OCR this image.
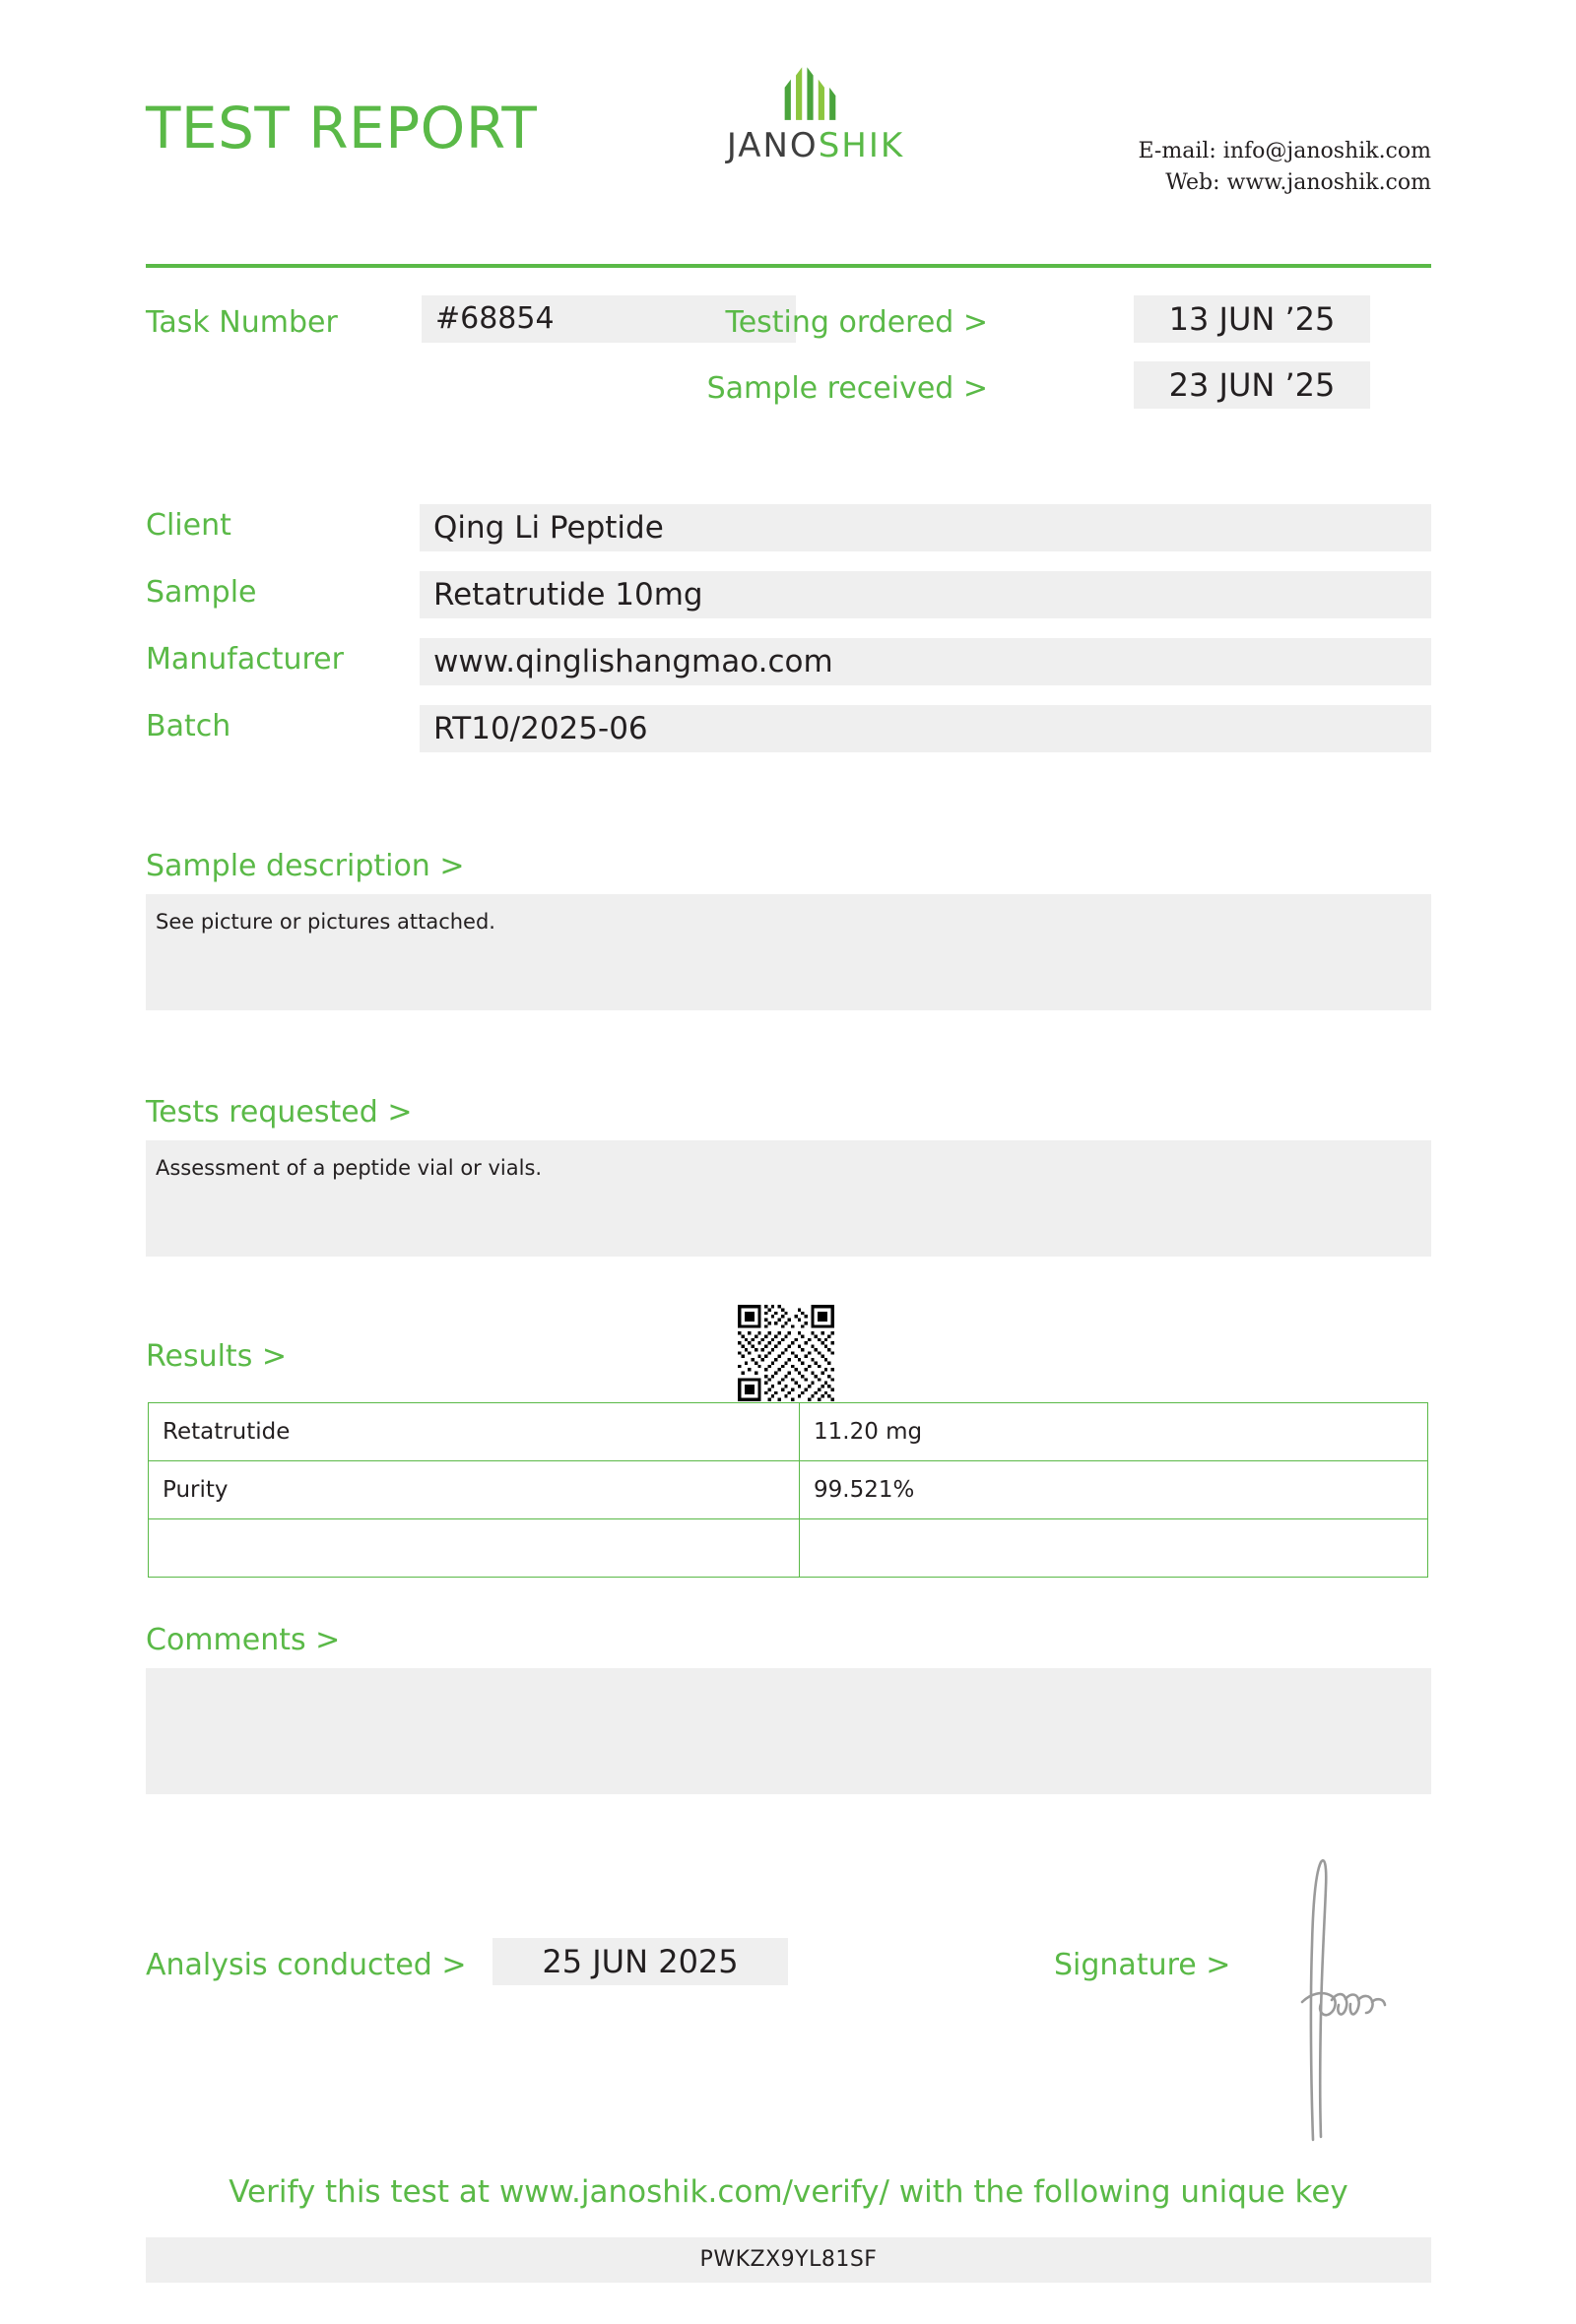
TEST REPORT	JANOSHIK	E-mail: info@janoshik.com
Web: www.janoshik.com
Task Number	#68854	Testing ordered >	13 JUN ’25
Sample received >	23 JUN ’25
Client	Qing Li Peptide
Sample	Retatrutide 10mg
Manufacturer	www.qinglishangmao.com
Batch	RT10/2025-06
Sample description >
See picture or pictures attached.
Tests requested >
Assessment of a peptide vial or vials.
Results >
Retatrutide	11.20 mg
Purity	99.521%

Comments >
Analysis conducted >	25 JUN 2025	Signature >
Verify this test at www.janoshik.com/verify/ with the following unique key
PWKZX9YL81SF
